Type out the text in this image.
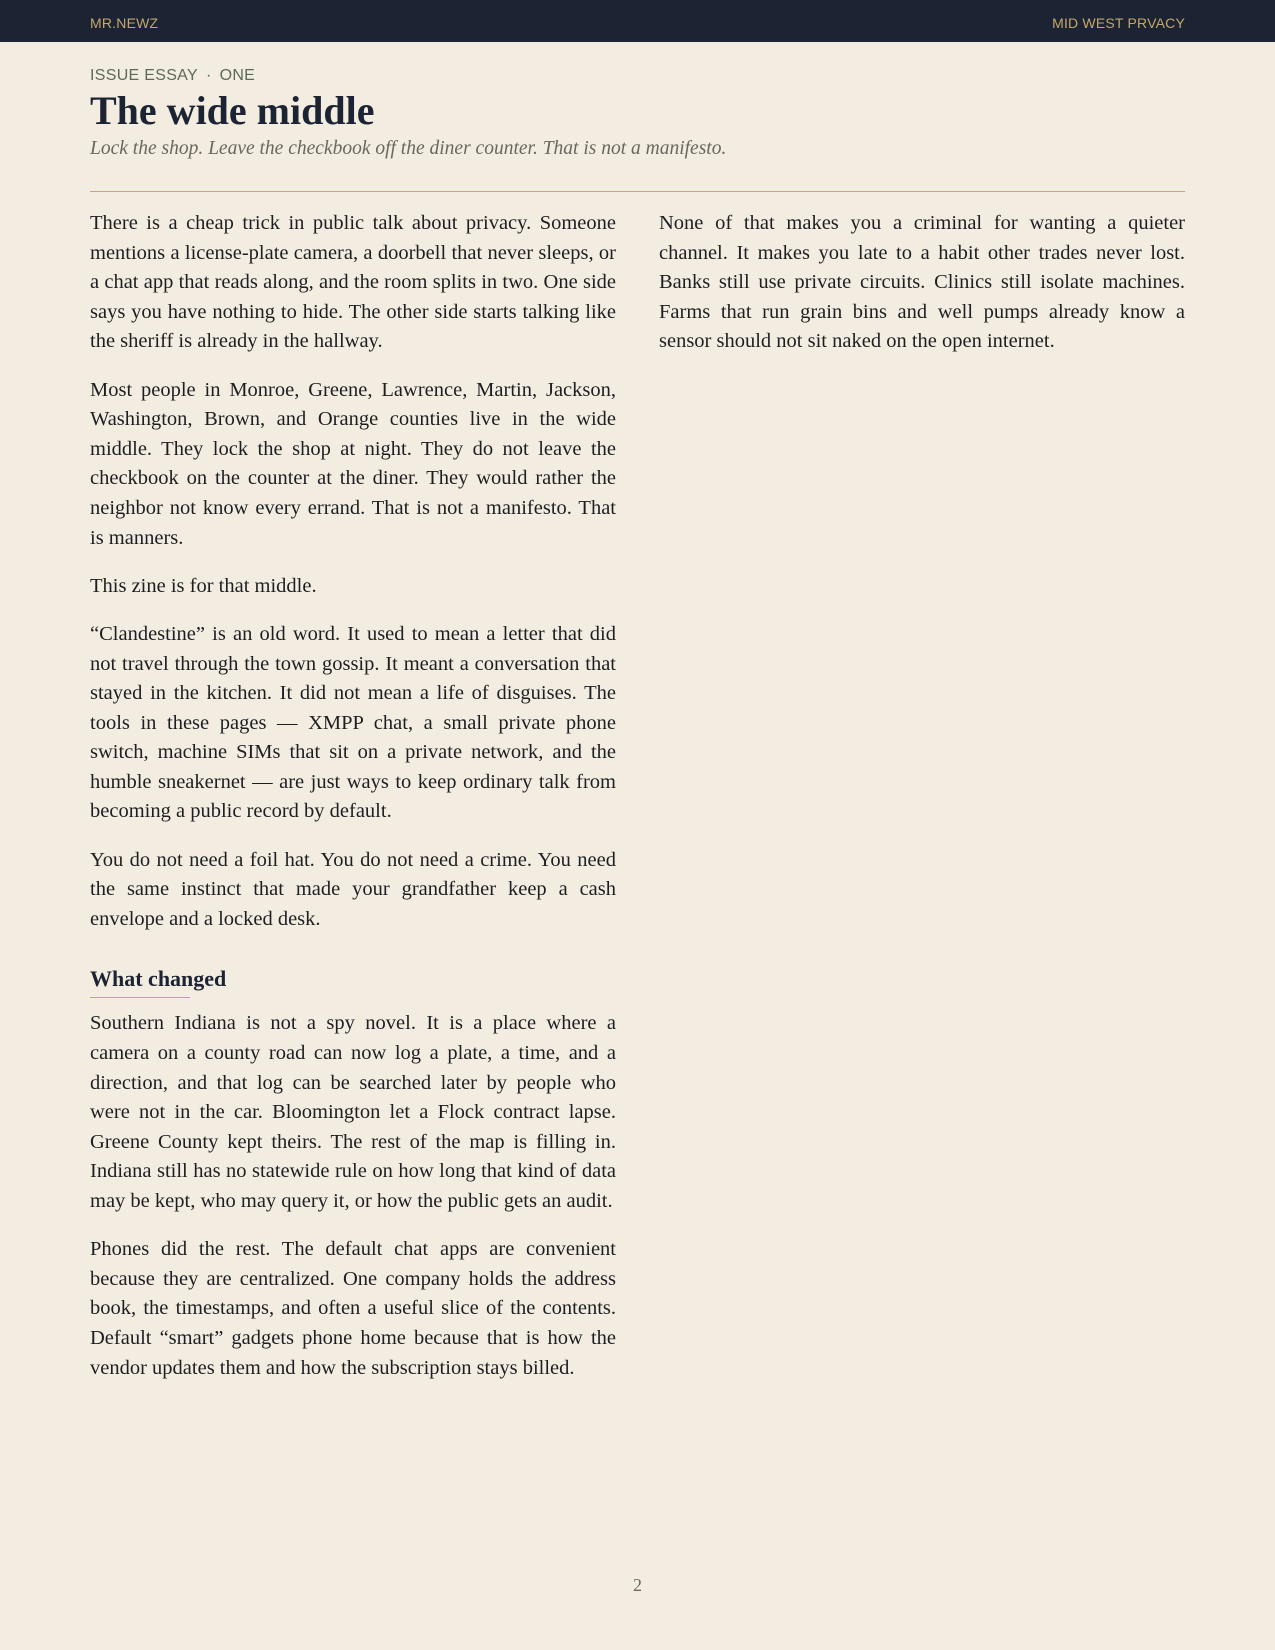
MR.NEWZ	MID WEST PRVACY
ISSUE ESSAY · ONE
The wide middle
Lock the shop. Leave the checkbook off the diner counter. That is not a manifesto.

There is a cheap trick in public talk about privacy. Someone mentions a license-plate camera, a doorbell that never sleeps, or a chat app that reads along, and the room splits in two. One side says you have nothing to hide. The other side starts talking like the sheriff is already in the hallway.

Most people in Monroe, Greene, Lawrence, Martin, Jackson, Washington, Brown, and Orange counties live in the wide middle. They lock the shop at night. They do not leave the checkbook on the counter at the diner. They would rather the neighbor not know every errand. That is not a manifesto. That is manners.

This zine is for that middle.

“Clandestine” is an old word. It used to mean a letter that did not travel through the town gossip. It meant a conversation that stayed in the kitchen. It did not mean a life of disguises. The tools in these pages — XMPP chat, a small private phone switch, machine SIMs that sit on a private network, and the humble sneakernet — are just ways to keep ordinary talk from becoming a public record by default.

You do not need a foil hat. You do not need a crime. You need the same instinct that made your grandfather keep a cash envelope and a locked desk.

What changed

Southern Indiana is not a spy novel. It is a place where a camera on a county road can now log a plate, a time, and a direction, and that log can be searched later by people who were not in the car. Bloomington let a Flock contract lapse. Greene County kept theirs. The rest of the map is filling in. Indiana still has no statewide rule on how long that kind of data may be kept, who may query it, or how the public gets an audit.

Phones did the rest. The default chat apps are convenient because they are centralized. One company holds the address book, the timestamps, and often a useful slice of the contents. Default “smart” gadgets phone home because that is how the vendor updates them and how the subscription stays billed.

None of that makes you a criminal for wanting a quieter channel. It makes you late to a habit other trades never lost. Banks still use private circuits. Clinics still isolate machines. Farms that run grain bins and well pumps already know a sensor should not sit naked on the open internet.

2
